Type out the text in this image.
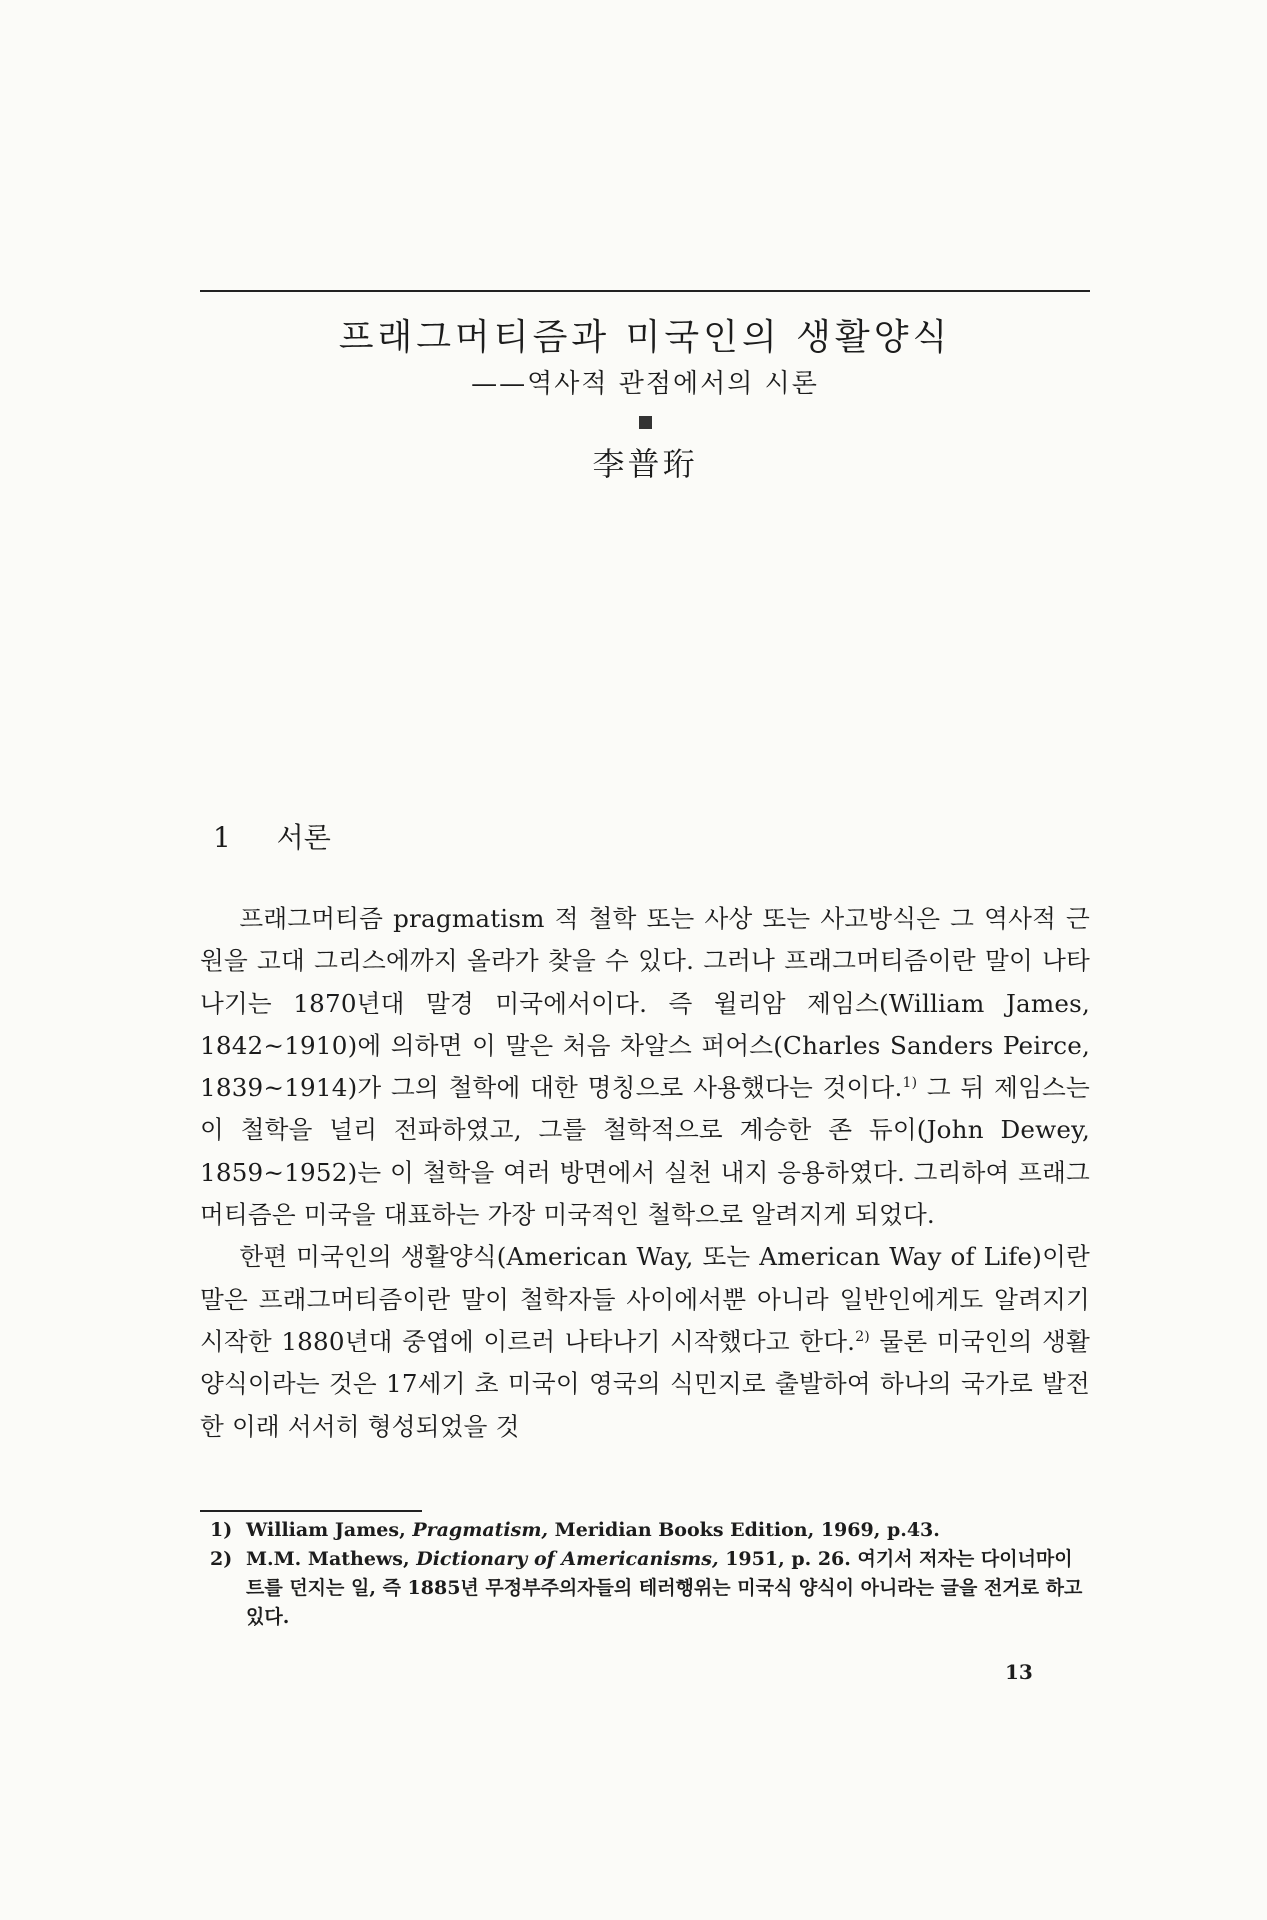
프래그머티즘과 미국인의 생활양식
——역사적 관점에서의 시론
李普珩
1 서론

프래그머티즘 pragmatism 적 철학 또는 사상 또는 사고방식은 그 역사적 근원을 고대 그리스에까지 올라가 찾을 수 있다. 그러나 프래그머티즘이란 말이 나타나기는 1870년대 말경 미국에서이다. 즉 윌리암 제임스(William James, 1842~1910)에 의하면 이 말은 처음 차알스 퍼어스(Charles Sanders Peirce, 1839~1914)가 그의 철학에 대한 명칭으로 사용했다는 것이다.$^{1)}$ 그 뒤 제임스는 이 철학을 널리 전파하였고, 그를 철학적으로 계승한 존 듀이(John Dewey, 1859~1952)는 이 철학을 여러 방면에서 실천 내지 응용하였다. 그리하여 프래그머티즘은 미국을 대표하는 가장 미국적인 철학으로 알려지게 되었다.

한편 미국인의 생활양식(American Way, 또는 American Way of Life)이란 말은 프래그머티즘이란 말이 철학자들 사이에서뿐 아니라 일반인에게도 알려지기 시작한 1880년대 중엽에 이르러 나타나기 시작했다고 한다.$^{2)}$ 물론 미국인의 생활양식이라는 것은 17세기 초 미국이 영국의 식민지로 출발하여 하나의 국가로 발전한 이래 서서히 형성되었을 것

1) William James, Pragmatism, Meridian Books Edition, 1969, p.43.
2) M.M. Mathews, Dictionary of Americanisms, 1951, p. 26. 여기서 저자는 다이너마이트를 던지는 일, 즉 1885년 무정부주의자들의 테러행위는 미국식 양식이 아니라는 글을 전거로 하고 있다.
13
